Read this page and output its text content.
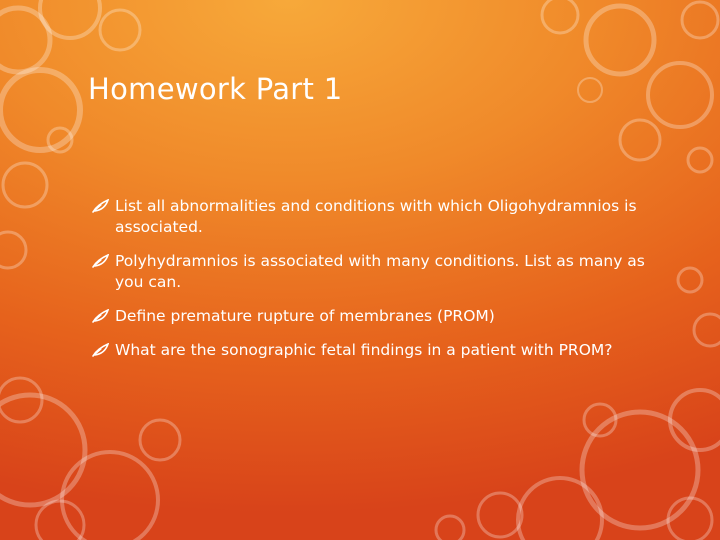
Homework Part 1
List all abnormalities and conditions with which Oligohydramnios is associated.
Polyhydramnios is associated with many conditions. List as many as you can.
Define premature rupture of membranes (PROM)
What are the sonographic fetal findings in a patient with PROM?
